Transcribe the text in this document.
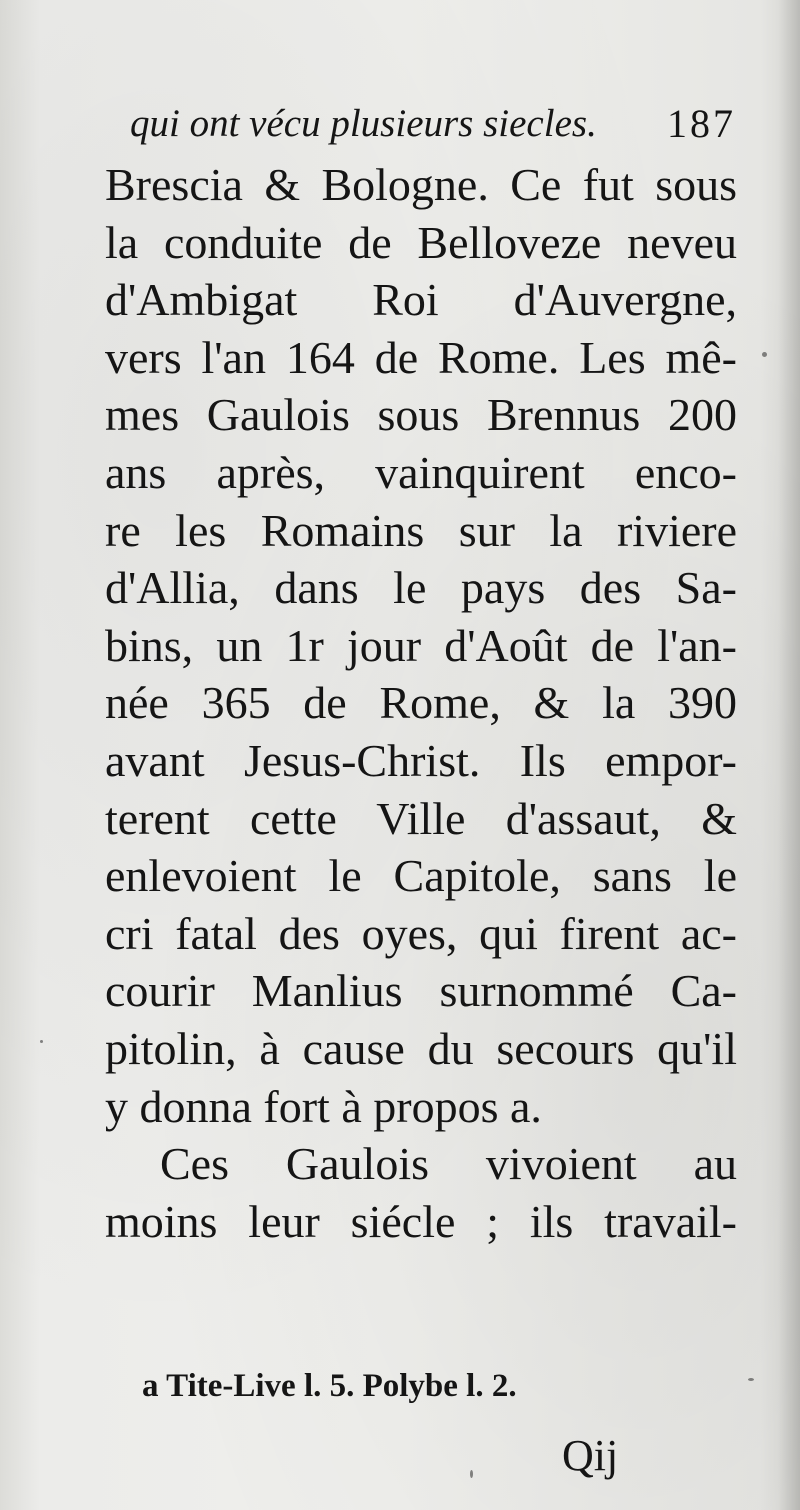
qui ont vécu plusieurs siecles. 187
Brescia & Bologne. Ce fut sous
la conduite de Belloveze neveu
d'Ambigat Roi d'Auvergne,
vers l'an 164 de Rome. Les mê-
mes Gaulois sous Brennus 200
ans après, vainquirent enco-
re les Romains sur la riviere
d'Allia, dans le pays des Sa-
bins, un 1r jour d'Août de l'an-
née 365 de Rome, & la 390
avant Jesus-Christ. Ils empor-
terent cette Ville d'assaut, &
enlevoient le Capitole, sans le
cri fatal des oyes, qui firent ac-
courir Manlius surnommé Ca-
pitolin, à cause du secours qu'il
y donna fort à propos a.
Ces Gaulois vivoient au
moins leur siécle ; ils travail-
a Tite-Live l. 5. Polybe l. 2.
Qij
